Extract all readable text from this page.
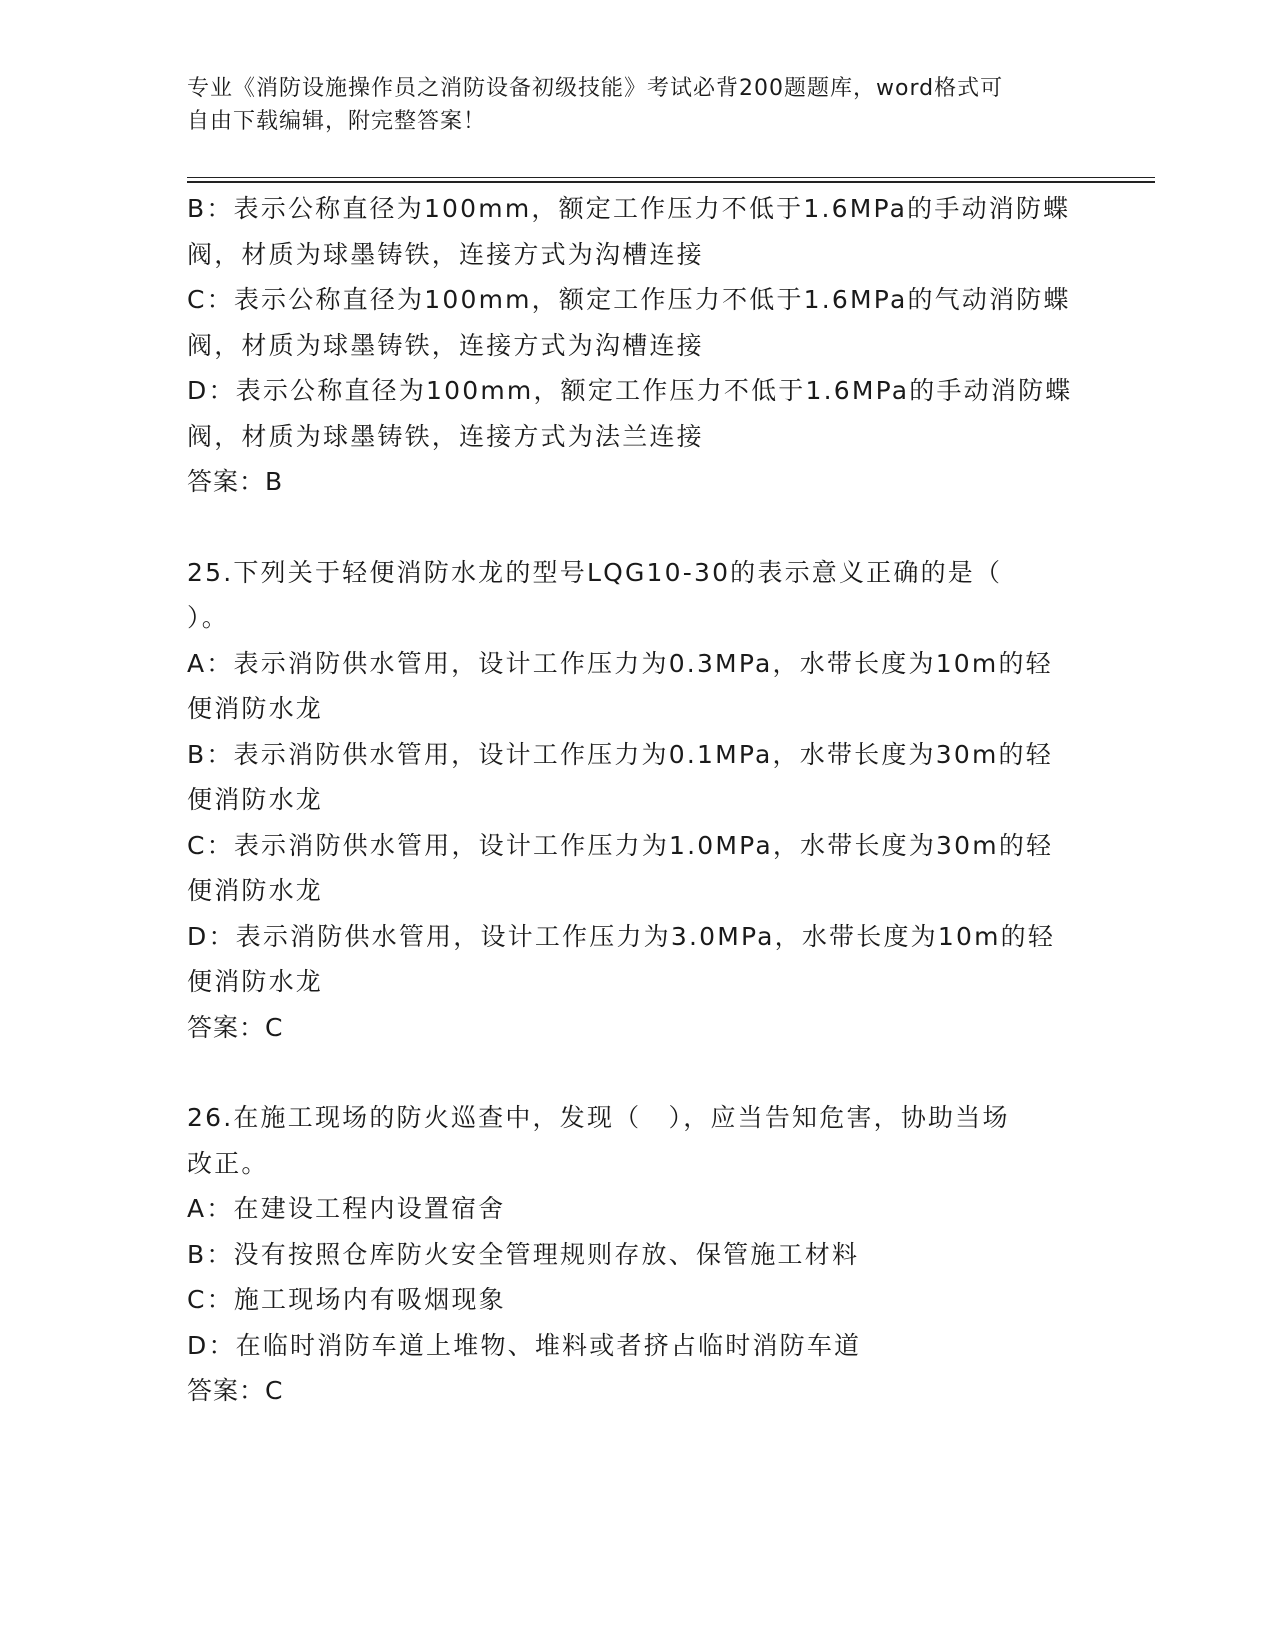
专业《消防设施操作员之消防设备初级技能》考试必背200题题库，word格式可
自由下载编辑，附完整答案！
B：表示公称直径为100mm，额定工作压力不低于1.6MPa的手动消防蝶
阀，材质为球墨铸铁，连接方式为沟槽连接
C：表示公称直径为100mm，额定工作压力不低于1.6MPa的气动消防蝶
阀，材质为球墨铸铁，连接方式为沟槽连接
D：表示公称直径为100mm，额定工作压力不低于1.6MPa的手动消防蝶
阀，材质为球墨铸铁，连接方式为法兰连接
答案：B
25.下列关于轻便消防水龙的型号LQG10-30的表示意义正确的是（
）。
A：表示消防供水管用，设计工作压力为0.3MPa，水带长度为10m的轻
便消防水龙
B：表示消防供水管用，设计工作压力为0.1MPa，水带长度为30m的轻
便消防水龙
C：表示消防供水管用，设计工作压力为1.0MPa，水带长度为30m的轻
便消防水龙
D：表示消防供水管用，设计工作压力为3.0MPa，水带长度为10m的轻
便消防水龙
答案：C
26.在施工现场的防火巡查中，发现（　），应当告知危害，协助当场
改正。
A：在建设工程内设置宿舍
B：没有按照仓库防火安全管理规则存放、保管施工材料
C：施工现场内有吸烟现象
D：在临时消防车道上堆物、堆料或者挤占临时消防车道
答案：C
